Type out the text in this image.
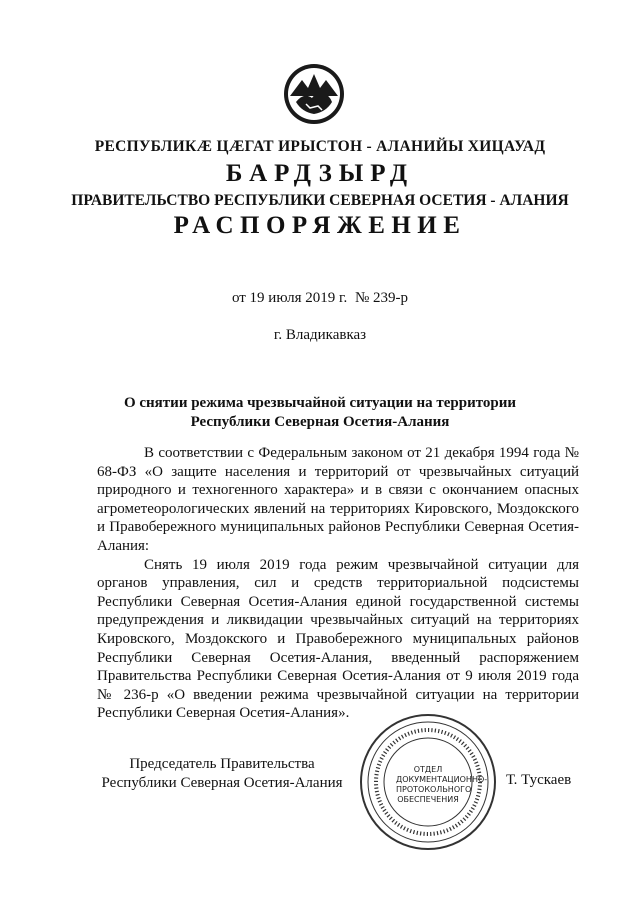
РЕСПУБЛИКÆ ЦÆГАТ ИРЫСТОН - АЛАНИЙЫ ХИЦАУАД
БАРДЗЫРД
ПРАВИТЕЛЬСТВО РЕСПУБЛИКИ СЕВЕРНАЯ ОСЕТИЯ - АЛАНИЯ
РАСПОРЯЖЕНИЕ
от 19 июля 2019 г. № 239-р
г. Владикавказ
О снятии режима чрезвычайной ситуации на территории
Республики Северная Осетия-Алания

В соответствии с Федеральным законом от 21 декабря 1994 года № 68-ФЗ «О защите населения и территорий от чрезвычайных ситуаций природного и техногенного характера» и в связи с окончанием опасных агрометеорологических явлений на территориях Кировского, Моздокского и Правобережного муниципальных районов Республики Северная Осетия-Алания:

Снять 19 июля 2019 года режим чрезвычайной ситуации для органов управления, сил и средств территориальной подсистемы Республики Северная Осетия-Алания единой государственной системы предупреждения и ликвидации чрезвычайных ситуаций на территориях Кировского, Моздокского и Правобережного муниципальных районов Республики Северная Осетия-Алания, введенный распоряжением Правительства Республики Северная Осетия-Алания от 9 июля 2019 года № 236-р «О введении режима чрезвычайной ситуации на территории Республики Северная Осетия-Алания».

Председатель Правительства
Республики Северная Осетия-Алания
ОТДЕЛ
ДОКУМЕНТАЦИОННО-
ПРОТОКОЛЬНОГО
ОБЕСПЕЧЕНИЯ
Т. Тускаев
